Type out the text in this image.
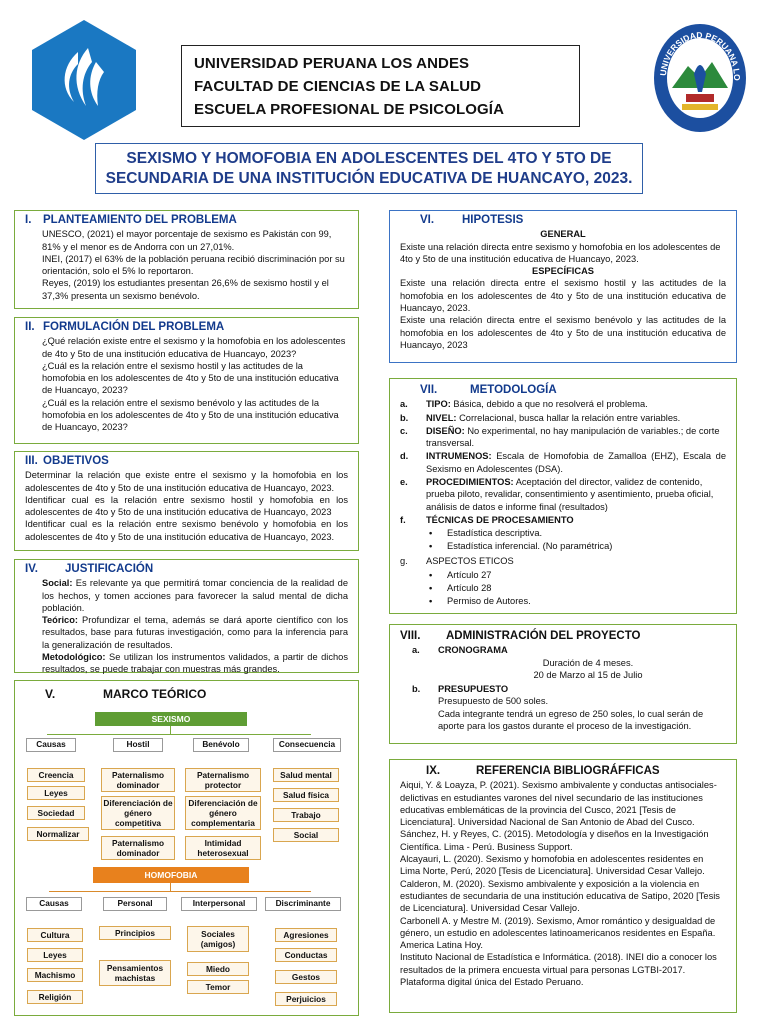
UNIVERSIDAD PERUANA LOS ANDES
FACULTAD DE CIENCIAS DE LA SALUD
ESCUELA PROFESIONAL DE PSICOLOGÍA
UNIVERSIDAD PERUANA LO
SEXISMO Y HOMOFOBIA EN ADOLESCENTES DEL 4TO Y 5TO DE
SECUNDARIA DE UNA INSTITUCIÓN EDUCATIVA DE HUANCAYO, 2023.
I. PLANTEAMIENTO DEL PROBLEMA

UNESCO, (2021) el mayor porcentaje de sexismo es Pakistán con 99, 81% y el menor es de Andorra con un 27,01%.

INEI, (2017) el 63% de la población peruana recibió discriminación por su orientación, solo el 5% lo reportaron.

Reyes, (2019) los estudiantes presentan 26,6% de sexismo hostil y el 37,3% presenta un sexismo benévolo.

II. FORMULACIÓN DEL PROBLEMA

¿Qué relación existe entre el sexismo y la homofobia en los adolescentes de 4to y 5to de una institución educativa de Huancayo, 2023?

¿Cuál es la relación entre el sexismo hostil y las actitudes de la homofobia en los adolescentes de 4to y 5to de una institución educativa de Huancayo, 2023?

¿Cuál es la relación entre el sexismo benévolo y las actitudes de la homofobia en los adolescentes de 4to y 5to de una institución educativa de Huancayo, 2023?

III. OBJETIVOS

Determinar la relación que existe entre el sexismo y la homofobia en los adolescentes de 4to y 5to de una institución educativa de Huancayo, 2023.

Identificar cual es la relación entre sexismo hostil y homofobia en los adolescentes de 4to y 5to de una institución educativa de Huancayo, 2023

Identificar cual es la relación entre sexismo benévolo y homofobia en los adolescentes de 4to y 5to de una institución educativa de Huancayo, 2023.

IV. JUSTIFICACIÓN

Social: Es relevante ya que permitirá tomar conciencia de la realidad de los hechos, y tomen acciones para favorecer la salud mental de dicha población.

Teórico: Profundizar el tema, además se dará aporte científico con los resultados, base para futuras investigación, como para la inferencia para la generalización de resultados.

Metodológico: Se utilizan los instrumentos validados, a partir de dichos resultados, se puede trabajar con muestras más grandes.

V.	MARCO TEÓRICO
SEXISMO
Causas	Hostil	Benévolo	Consecuencia
Creencia
Leyes
Sociedad
Normalizar
Paternalismo dominador
Diferenciación de género competitiva
Paternalismo dominador
Paternalismo protector
Diferenciación de género complementaria
Intimidad heterosexual
Salud mental
Salud física
Trabajo
Social
HOMOFOBIA
Causas	Personal	Interpersonal	Discriminante
Cultura
Leyes
Machismo
Religión
Principios
Pensamientos machistas
Sociales (amigos)
Miedo
Temor
Agresiones
Conductas
Gestos
Perjuicios
VI. HIPOTESIS

GENERAL

Existe una relación directa entre sexismo y homofobia en los adolescentes de 4to y 5to de una institución educativa de Huancayo, 2023.

ESPECÍFICAS

Existe una relación directa entre el sexismo hostil y las actitudes de la homofobia en los adolescentes de 4to y 5to de una institución educativa de Huancayo, 2023.

Existe una relación directa entre el sexismo benévolo y las actitudes de la homofobia en los adolescentes de 4to y 5to de una institución educativa de Huancayo, 2023

VII.	METODOLOGÍA
a.	TIPO: Básica, debido a que no resolverá el problema.
b.	NIVEL: Correlacional, busca hallar la relación entre variables.
c.	DISEÑO: No experimental, no hay manipulación de variables.; de corte transversal.
d.	INTRUMENOS: Escala de Homofobia de Zamalloa (EHZ), Escala de Sexismo en Adolescentes (DSA).
e.	PROCEDIMIENTOS: Aceptación del director, validez de contenido, prueba piloto, revalidar, consentimiento y asentimiento, prueba oficial, análisis de datos e informe final (resultados)
f.	TÉCNICAS DE PROCESAMIENTO
• Estadística descriptiva.
• Estadística inferencial. (No paramétrica)
g.	ASPECTOS ETICOS
• Artículo 27
• Artículo 28
• Permiso de Autores.
VIII. ADMINISTRACIÓN DEL PROYECTO

a. CRONOGRAMA

Duración de 4 meses.

20 de Marzo al 15 de Julio

b. PRESUPUESTO

Presupuesto de 500 soles.

Cada integrante tendrá un egreso de 250 soles, lo cual serán de aporte para los gastos durante el proceso de la investigación.

IX.	REFERENCIA BIBLIOGRÁFFICAS

Aiqui, Y. & Loayza, P. (2021). Sexismo ambivalente y conductas antisociales-delictivas en estudiantes varones del nivel secundario de las instituciones educativas emblemáticas de la provincia del Cusco, 2021 [Tesis de Licenciatura]. Universidad Nacional de San Antonio de Abad del Cusco.

Sánchez, H. y Reyes, C. (2015). Metodología y diseños en la Investigación Científica. Lima - Perú. Business Support.

Alcayauri, L. (2020). Sexismo y homofobia en adolescentes residentes en Lima Norte, Perú, 2020 [Tesis de Licenciatura]. Universidad Cesar Vallejo.

Calderon, M. (2020). Sexismo ambivalente y exposición a la violencia en estudiantes de secundaria de una institución educativa de Satipo, 2020 [Tesis de Licenciatura]. Universidad Cesar Vallejo.

Carbonell A. y Mestre M. (2019). Sexismo, Amor romántico y desigualdad de género, un estudio en adolescentes latinoamericanos residentes en España. America Latina Hoy.

Instituto Nacional de Estadística e Informática. (2018). INEI dio a conocer los resultados de la primera encuesta virtual para personas LGTBI-2017. Plataforma digital única del Estado Peruano.
